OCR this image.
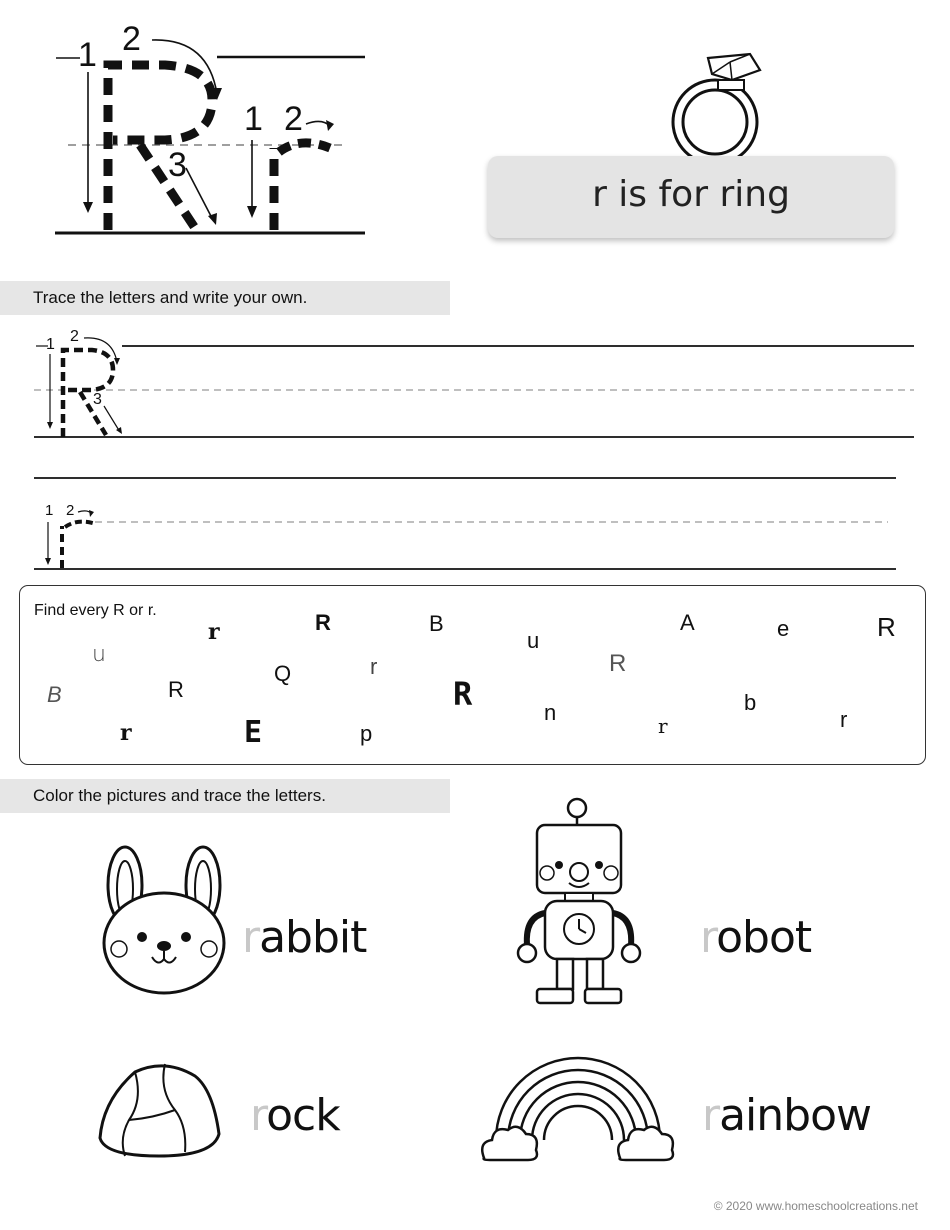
1 2
3
1 2
r is for ring
Trace the letters and write your own.
1 2
3
1 2
Find every R or r.
r	R	B
u
A	e	R
u
Q	r	R
B	R	R	n	b
r
E	p
r
r
Color the pictures and trace the letters.
rabbit	robot
rock	rainbow
© 2020 www.homeschoolcreations.net
